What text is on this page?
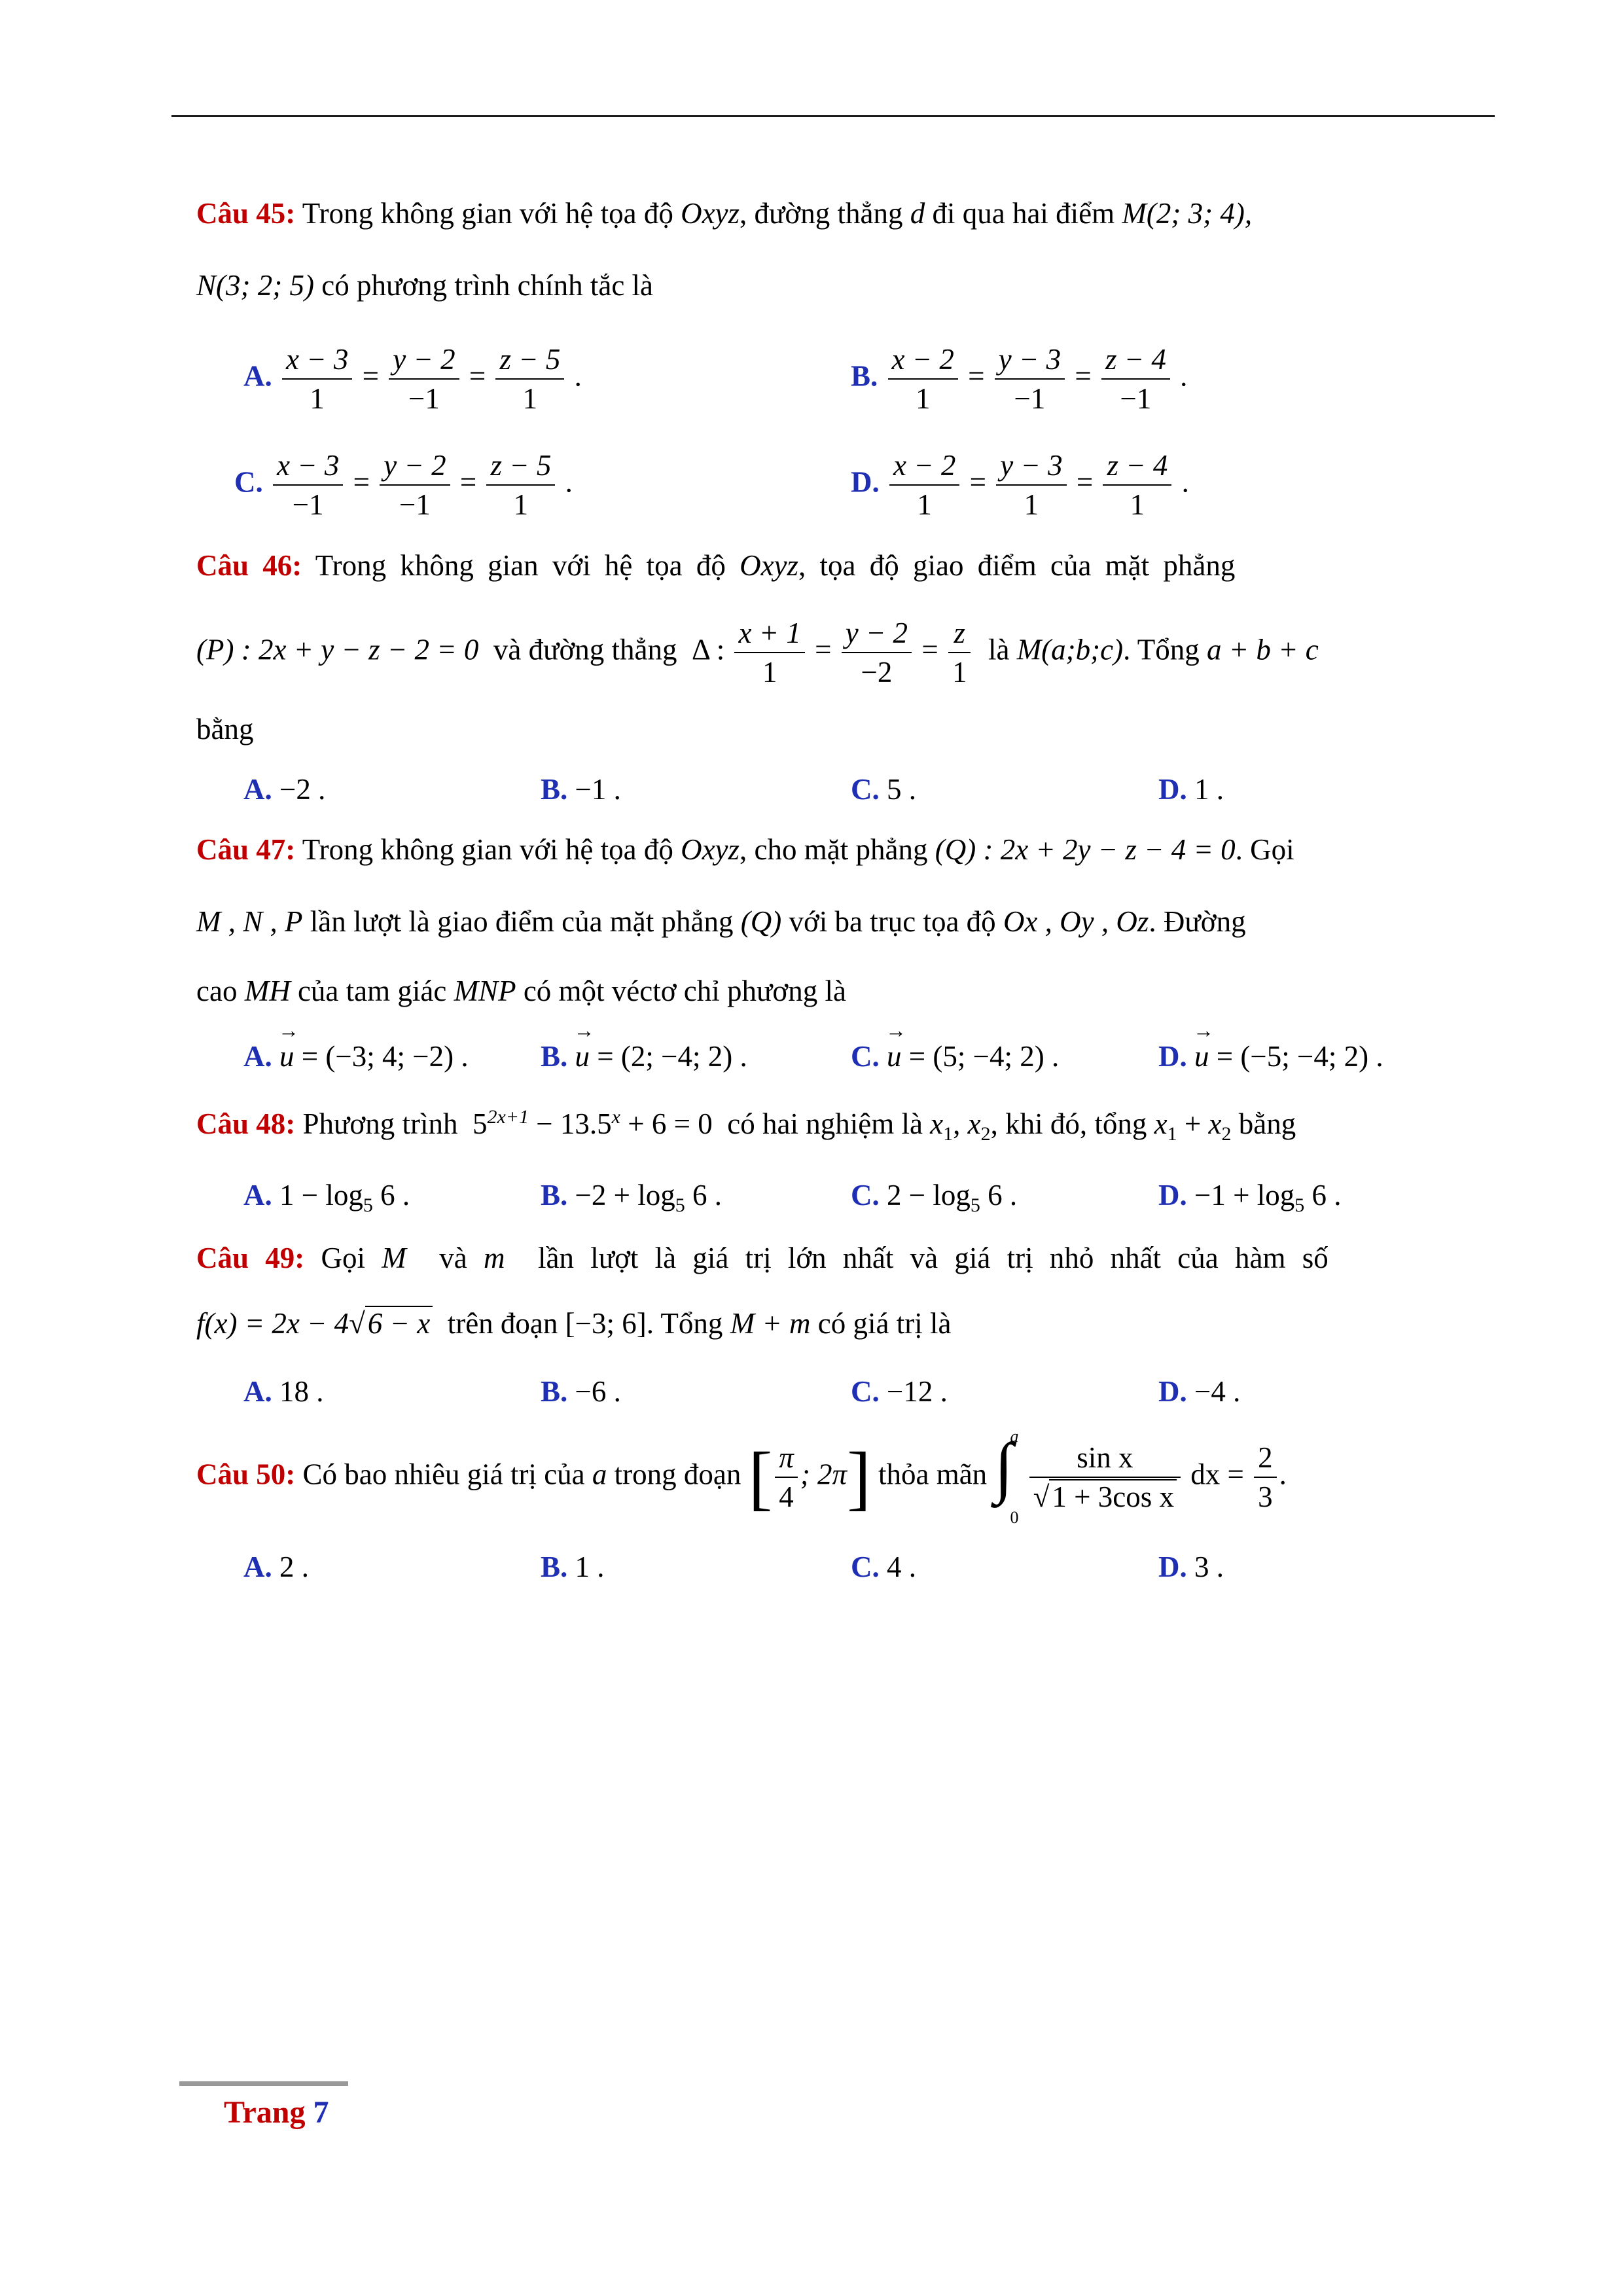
Câu 45: Trong không gian với hệ tọa độ Oxyz, đường thẳng d đi qua hai điểm M(2; 3; 4),
N(3; 2; 5) có phương trình chính tắc là
A. $\frac{x - 3}{1} = \frac{y - 2}{-1} = \frac{z - 5}{1}$ .	B. $\frac{x - 2}{1} = \frac{y - 3}{-1} = \frac{z - 4}{-1}$ .
C. $\frac{x - 3}{-1} = \frac{y - 2}{-1} = \frac{z - 5}{1}$ .	D. $\frac{x - 2}{1} = \frac{y - 3}{1} = \frac{z - 4}{1}$ .
Câu 46: Trong không gian với hệ tọa độ Oxyz, tọa độ giao điểm của mặt phẳng
(P) : 2x + y − z − 2 = 0 và đường thẳng Δ : $\frac{x + 1}{1} = \frac{y - 2}{-2} = \frac{z}{1}$ là M(a;b;c). Tổng a + b + c
bằng
A. −2 .	B. −1 .	C. 5 .	D. 1 .
Câu 47: Trong không gian với hệ tọa độ Oxyz, cho mặt phẳng (Q) : 2x + 2y − z − 4 = 0. Gọi
M , N , P lần lượt là giao điểm của mặt phẳng (Q) với ba trục tọa độ Ox , Oy , Oz. Đường
cao MH của tam giác MNP có một véctơ chỉ phương là
A. → u = (−3; 4; −2) . B. → u = (2; −4; 2) .	C. → u = (5; −4; 2) .	D. → u = (−5; −4; 2) .
Câu 48: Phương trình $5^{2x+1} - 13.5^x + 6 = 0$ có hai nghiệm là $x_1$, $x_2$, khi đó, tổng $x_1 + x_2$ bằng
A. $1 - \log_5 6$ .	B. $-2 + \log_5 6$ .	C. $2 - \log_5 6$ .	D. $-1 + \log_5 6$ .
Câu 49: Gọi M và m lần lượt là giá trị lớn nhất và giá trị nhỏ nhất của hàm số
f(x) = 2x − 4√6 − x trên đoạn [−3; 6]. Tổng M + m có giá trị là
A. 18 .	B. −6 .	C. −12 .	D. −4 .
Câu 50: Có bao nhiêu giá trị của a trong đoạn [ $\frac{\pi}{4}$ ; 2π] thỏa mãn ∫
a
0

$\frac{\text{sin x}}{\text{√1 + 3cos x}}$ dx = $\frac{2}{3}$ .
A. 2 .	B. 1 .	C. 4 .	D. 3 .
Trang 7
